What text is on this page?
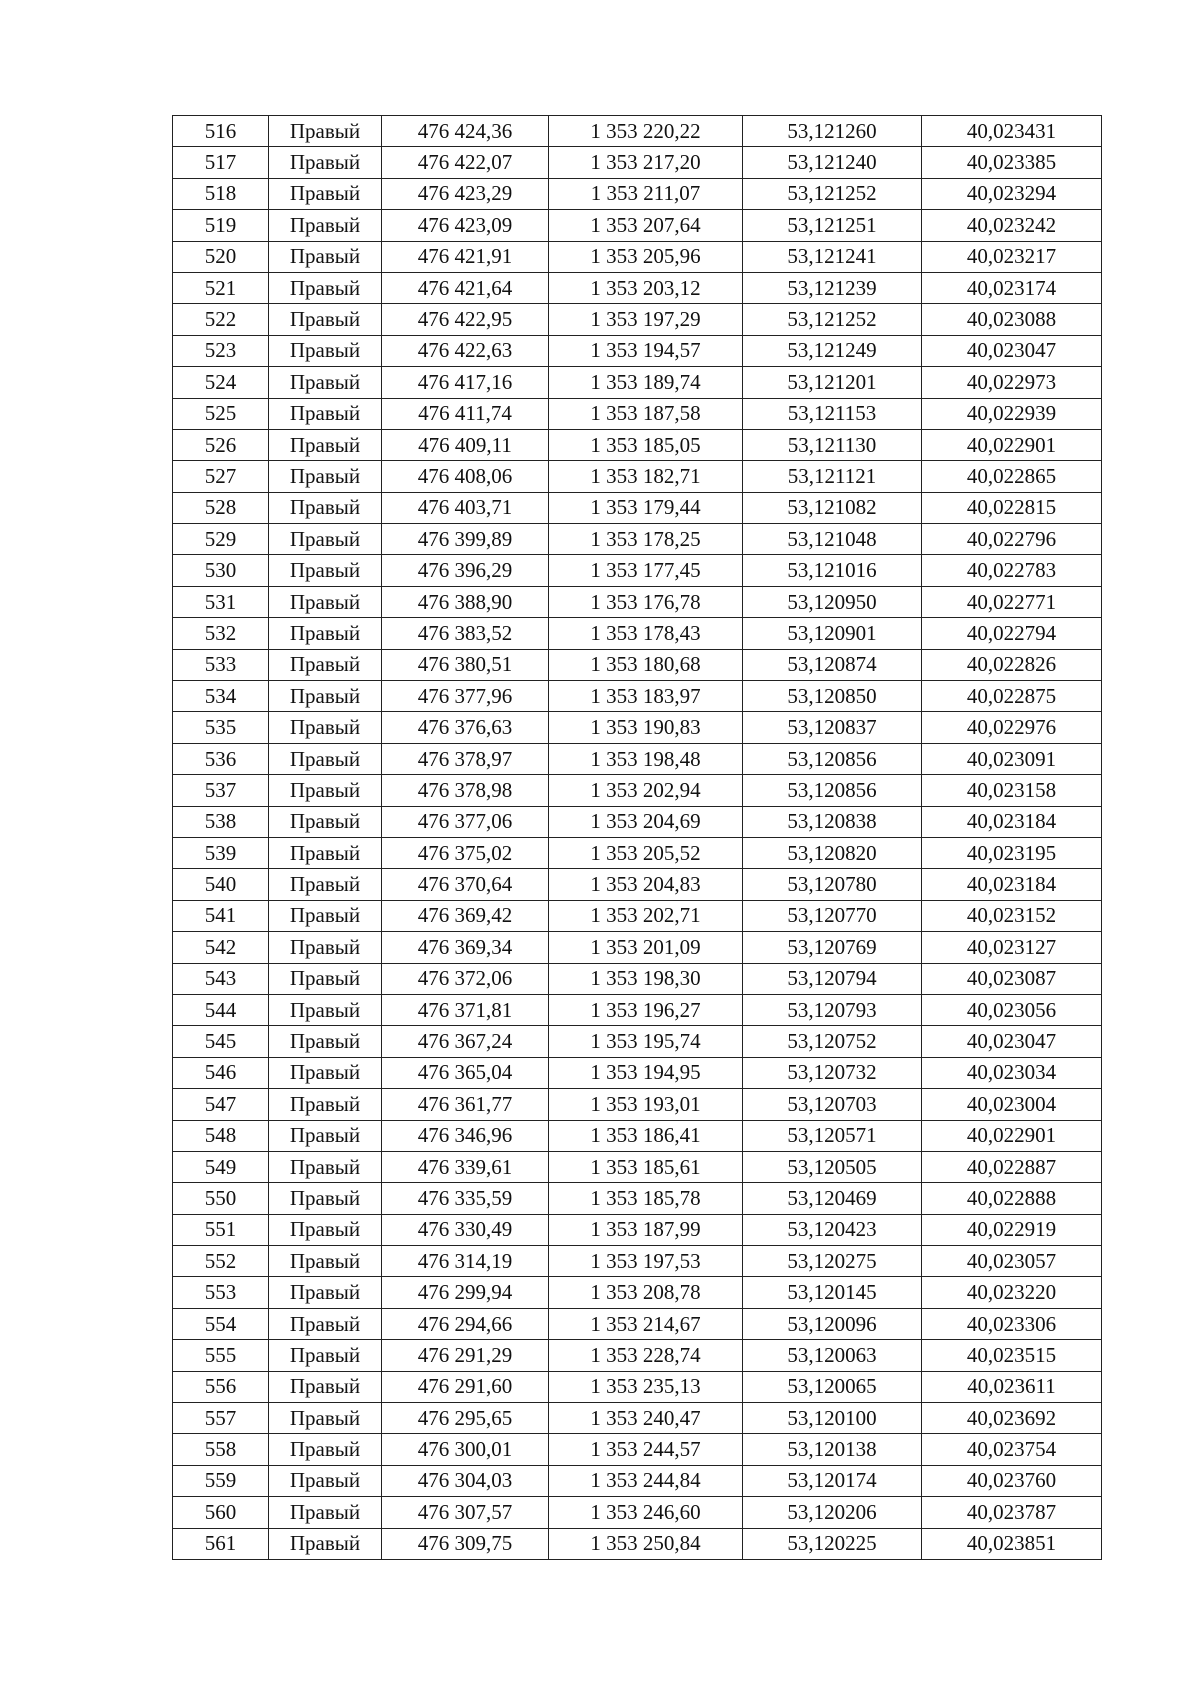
516	Правый	476 424,36	1 353 220,22	53,121260	40,023431
517	Правый	476 422,07	1 353 217,20	53,121240	40,023385
518	Правый	476 423,29	1 353 211,07	53,121252	40,023294
519	Правый	476 423,09	1 353 207,64	53,121251	40,023242
520	Правый	476 421,91	1 353 205,96	53,121241	40,023217
521	Правый	476 421,64	1 353 203,12	53,121239	40,023174
522	Правый	476 422,95	1 353 197,29	53,121252	40,023088
523	Правый	476 422,63	1 353 194,57	53,121249	40,023047
524	Правый	476 417,16	1 353 189,74	53,121201	40,022973
525	Правый	476 411,74	1 353 187,58	53,121153	40,022939
526	Правый	476 409,11	1 353 185,05	53,121130	40,022901
527	Правый	476 408,06	1 353 182,71	53,121121	40,022865
528	Правый	476 403,71	1 353 179,44	53,121082	40,022815
529	Правый	476 399,89	1 353 178,25	53,121048	40,022796
530	Правый	476 396,29	1 353 177,45	53,121016	40,022783
531	Правый	476 388,90	1 353 176,78	53,120950	40,022771
532	Правый	476 383,52	1 353 178,43	53,120901	40,022794
533	Правый	476 380,51	1 353 180,68	53,120874	40,022826
534	Правый	476 377,96	1 353 183,97	53,120850	40,022875
535	Правый	476 376,63	1 353 190,83	53,120837	40,022976
536	Правый	476 378,97	1 353 198,48	53,120856	40,023091
537	Правый	476 378,98	1 353 202,94	53,120856	40,023158
538	Правый	476 377,06	1 353 204,69	53,120838	40,023184
539	Правый	476 375,02	1 353 205,52	53,120820	40,023195
540	Правый	476 370,64	1 353 204,83	53,120780	40,023184
541	Правый	476 369,42	1 353 202,71	53,120770	40,023152
542	Правый	476 369,34	1 353 201,09	53,120769	40,023127
543	Правый	476 372,06	1 353 198,30	53,120794	40,023087
544	Правый	476 371,81	1 353 196,27	53,120793	40,023056
545	Правый	476 367,24	1 353 195,74	53,120752	40,023047
546	Правый	476 365,04	1 353 194,95	53,120732	40,023034
547	Правый	476 361,77	1 353 193,01	53,120703	40,023004
548	Правый	476 346,96	1 353 186,41	53,120571	40,022901
549	Правый	476 339,61	1 353 185,61	53,120505	40,022887
550	Правый	476 335,59	1 353 185,78	53,120469	40,022888
551	Правый	476 330,49	1 353 187,99	53,120423	40,022919
552	Правый	476 314,19	1 353 197,53	53,120275	40,023057
553	Правый	476 299,94	1 353 208,78	53,120145	40,023220
554	Правый	476 294,66	1 353 214,67	53,120096	40,023306
555	Правый	476 291,29	1 353 228,74	53,120063	40,023515
556	Правый	476 291,60	1 353 235,13	53,120065	40,023611
557	Правый	476 295,65	1 353 240,47	53,120100	40,023692
558	Правый	476 300,01	1 353 244,57	53,120138	40,023754
559	Правый	476 304,03	1 353 244,84	53,120174	40,023760
560	Правый	476 307,57	1 353 246,60	53,120206	40,023787
561	Правый	476 309,75	1 353 250,84	53,120225	40,023851
